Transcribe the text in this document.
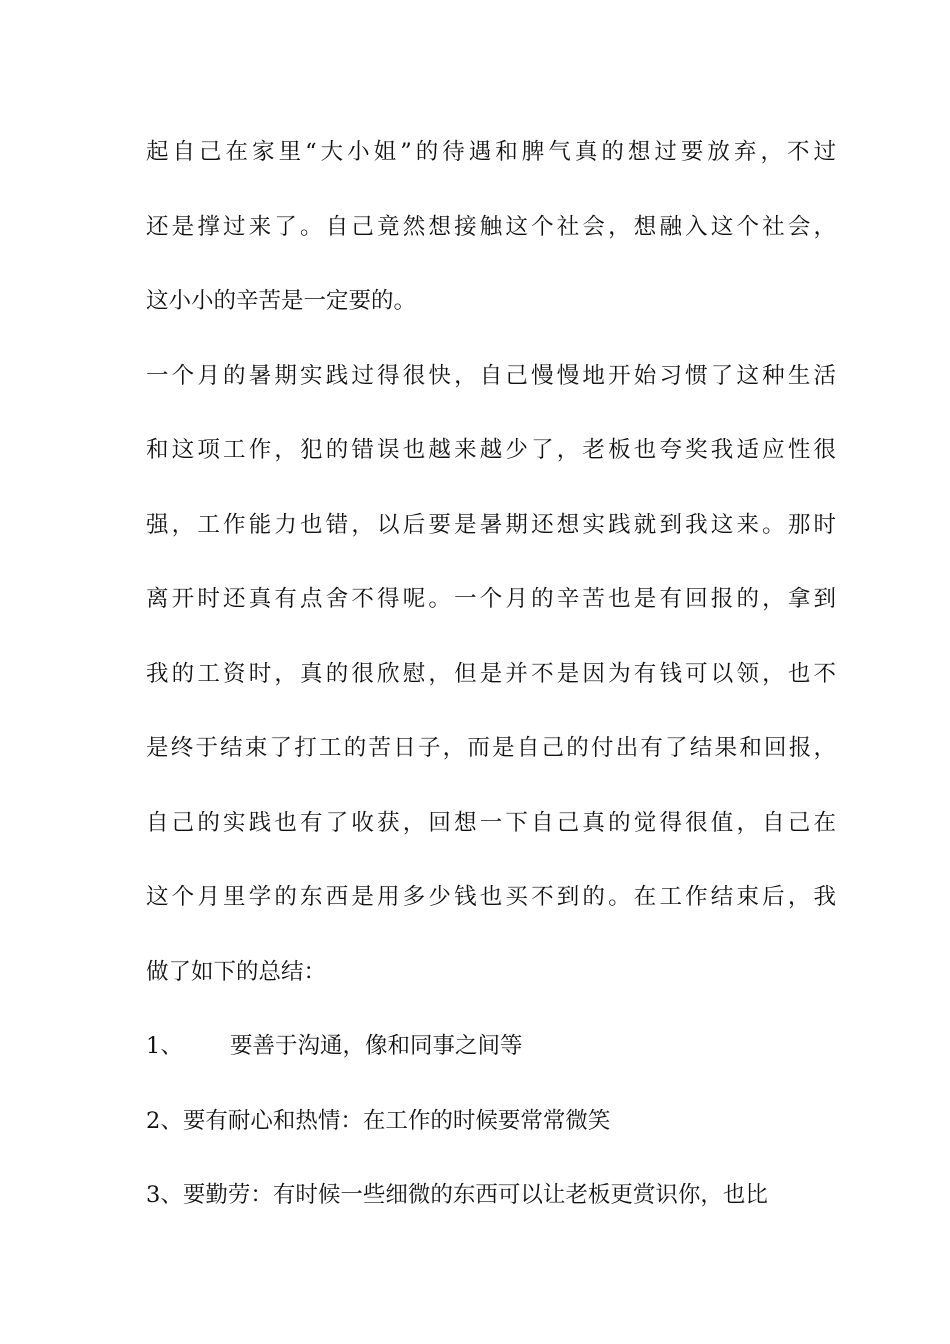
起自己在家里“大小姐”的待遇和脾气真的想过要放弃，不过
还是撑过来了。自己竟然想接触这个社会，想融入这个社会，
这小小的辛苦是一定要的。
一个月的暑期实践过得很快，自己慢慢地开始习惯了这种生活
和这项工作，犯的错误也越来越少了，老板也夸奖我适应性很
强，工作能力也错，以后要是暑期还想实践就到我这来。那时
离开时还真有点舍不得呢。一个月的辛苦也是有回报的，拿到
我的工资时，真的很欣慰，但是并不是因为有钱可以领，也不
是终于结束了打工的苦日子，而是自己的付出有了结果和回报，
自己的实践也有了收获，回想一下自己真的觉得很值，自己在
这个月里学的东西是用多少钱也买不到的。在工作结束后，我
做了如下的总结：
1、	要善于沟通，像和同事之间等
2、 要有耐心和热情：在工作的时候要常常微笑
3、 要勤劳：有时候一些细微的东西可以让老板更赏识你，也比
